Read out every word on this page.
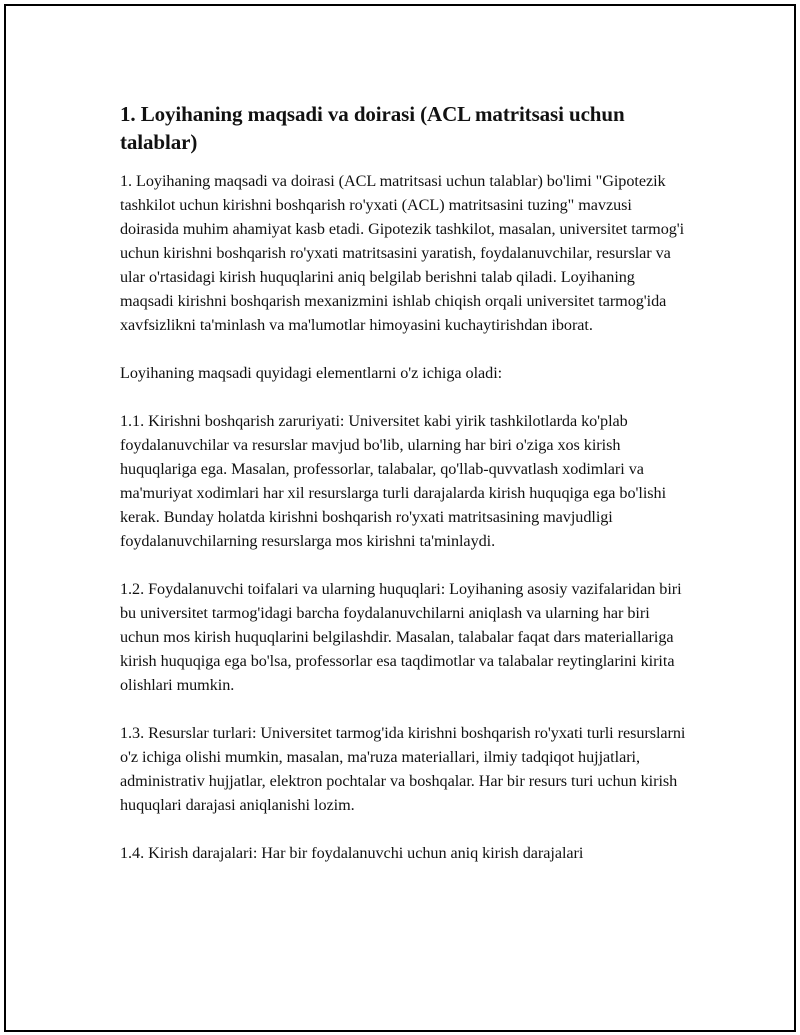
1. Loyihaning maqsadi va doirasi (ACL matritsasi uchun talablar)

1. Loyihaning maqsadi va doirasi (ACL matritsasi uchun talablar) bo'limi "Gipotezik tashkilot uchun kirishni boshqarish ro'yxati (ACL) matritsasini tuzing" mavzusi doirasida muhim ahamiyat kasb etadi. Gipotezik tashkilot, masalan, universitet tarmog'i uchun kirishni boshqarish ro'yxati matritsasini yaratish, foydalanuvchilar, resurslar va ular o'rtasidagi kirish huquqlarini aniq belgilab berishni talab qiladi. Loyihaning maqsadi kirishni boshqarish mexanizmini ishlab chiqish orqali universitet tarmog'ida xavfsizlikni ta'minlash va ma'lumotlar himoyasini kuchaytirishdan iborat.

Loyihaning maqsadi quyidagi elementlarni o'z ichiga oladi:

1.1. Kirishni boshqarish zaruriyati: Universitet kabi yirik tashkilotlarda ko'plab foydalanuvchilar va resurslar mavjud bo'lib, ularning har biri o'ziga xos kirish huquqlariga ega. Masalan, professorlar, talabalar, qo'llab-quvvatlash xodimlari va ma'muriyat xodimlari har xil resurslarga turli darajalarda kirish huquqiga ega bo'lishi kerak. Bunday holatda kirishni boshqarish ro'yxati matritsasining mavjudligi foydalanuvchilarning resurslarga mos kirishni ta'minlaydi.

1.2. Foydalanuvchi toifalari va ularning huquqlari: Loyihaning asosiy vazifalaridan biri bu universitet tarmog'idagi barcha foydalanuvchilarni aniqlash va ularning har biri uchun mos kirish huquqlarini belgilashdir. Masalan, talabalar faqat dars materiallariga kirish huquqiga ega bo'lsa, professorlar esa taqdimotlar va talabalar reytinglarini kirita olishlari mumkin.

1.3. Resurslar turlari: Universitet tarmog'ida kirishni boshqarish ro'yxati turli resurslarni o'z ichiga olishi mumkin, masalan, ma'ruza materiallari, ilmiy tadqiqot hujjatlari, administrativ hujjatlar, elektron pochtalar va boshqalar. Har bir resurs turi uchun kirish huquqlari darajasi aniqlanishi lozim.

1.4. Kirish darajalari: Har bir foydalanuvchi uchun aniq kirish darajalari
